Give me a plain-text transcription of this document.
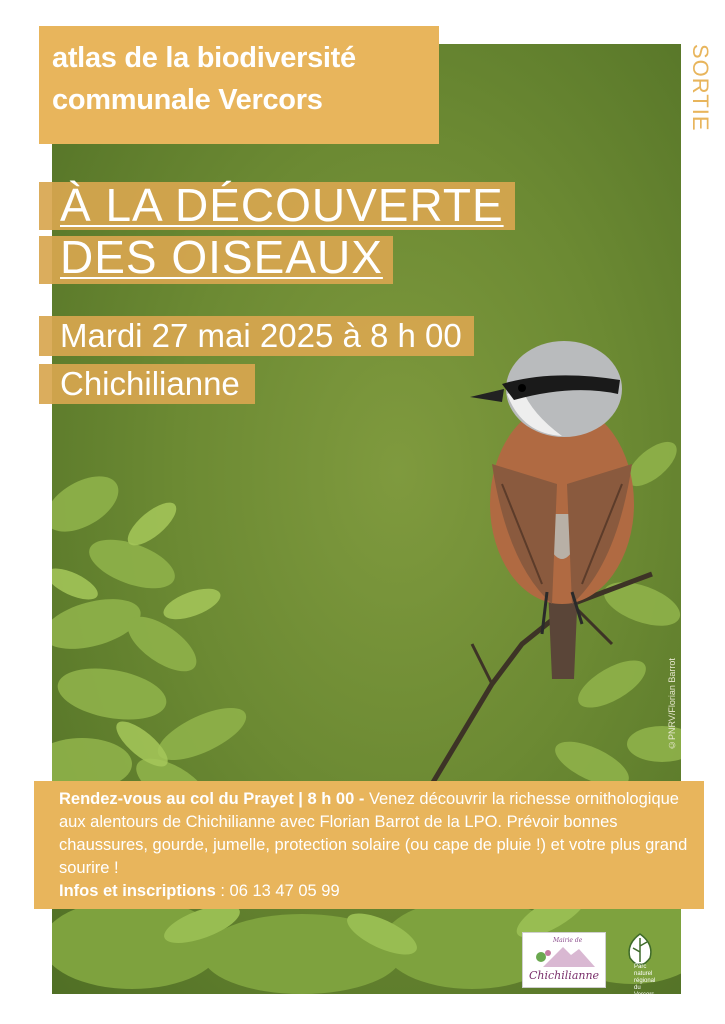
atlas de la biodiversité
communale Vercors	SORTIE
À LA DÉCOUVERTE
DES OISEAUX
Mardi 27 mai 2025 à 8 h 00
Chichilianne
©PNRV/Florian Barrot
Rendez-vous au col du Prayet | 8 h 00 - Venez découvrir la richesse ornithologique aux alentours de Chichilianne avec Florian Barrot de la LPO. Prévoir bonnes chaussures, gourde, jumelle, protection solaire (ou cape de pluie !) et votre plus grand sourire !
Infos et inscriptions : 06 13 47 05 99
Mairie de
Chichilianne
Parc naturel régional du Vercors
